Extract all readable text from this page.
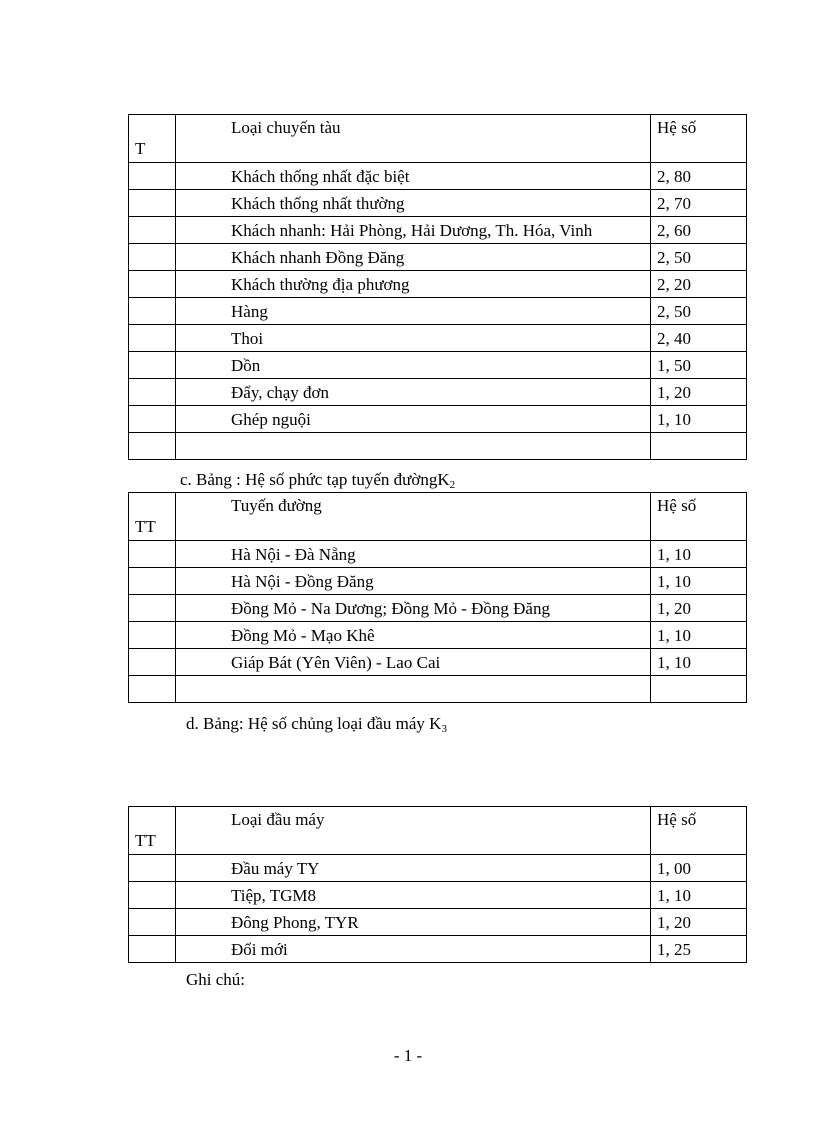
T	Loại chuyến tàu	Hệ số
	Khách thống nhất đặc biệt	2, 80
	Khách thống nhất thường	2, 70
	Khách nhanh: Hải Phòng, Hải Dương, Th. Hóa, Vinh	2, 60
	Khách nhanh Đồng Đăng	2, 50
	Khách thường địa phương	2, 20
	Hàng	2, 50
	Thoi	2, 40
	Dồn	1, 50
	Đẩy, chạy đơn	1, 20
	Ghép nguội	1, 10

c. Bảng : Hệ số phức tạp tuyến đườngK$_2$
TT	Tuyến đường	Hệ số
	Hà Nội - Đà Nẵng	1, 10
	Hà Nội - Đồng Đăng	1, 10
	Đồng Mỏ - Na Dương; Đồng Mỏ - Đồng Đăng	1, 20
	Đồng Mỏ - Mạo Khê	1, 10
	Giáp Bát (Yên Viên) - Lao Cai	1, 10

d. Bảng: Hệ số chủng loại đầu máy $K_3$
TT	Loại đầu máy	Hệ số
	Đầu máy TY	1, 00
	Tiệp, TGM8	1, 10
	Đông Phong, TYR	1, 20
	Đổi mới	1, 25
Ghi chú:
- 1 -
